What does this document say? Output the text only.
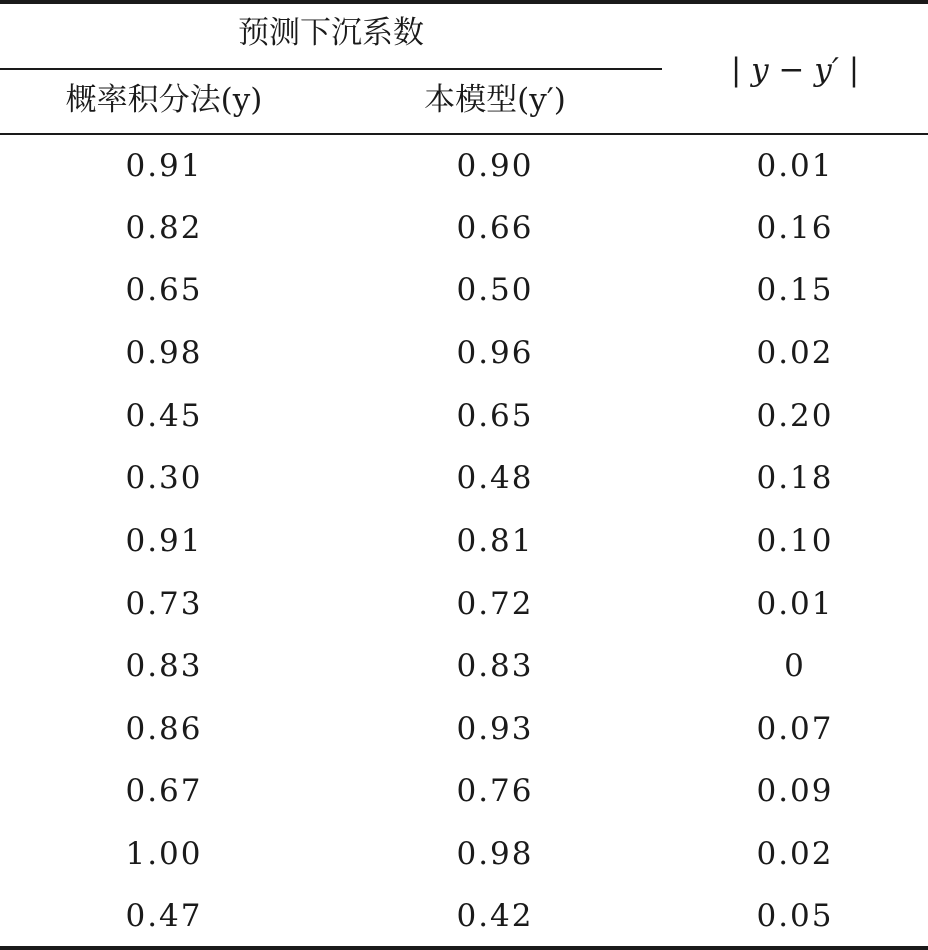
预测下沉系数
概率积分法(y)	本模型(y′)
| y − y′ |
0.91	0.90	0.01
0.82	0.66	0.16
0.65	0.50	0.15
0.98	0.96	0.02
0.45	0.65	0.20
0.30	0.48	0.18
0.91	0.81	0.10
0.73	0.72	0.01
0.83	0.83	0
0.86	0.93	0.07
0.67	0.76	0.09
1.00	0.98	0.02
0.47	0.42	0.05
